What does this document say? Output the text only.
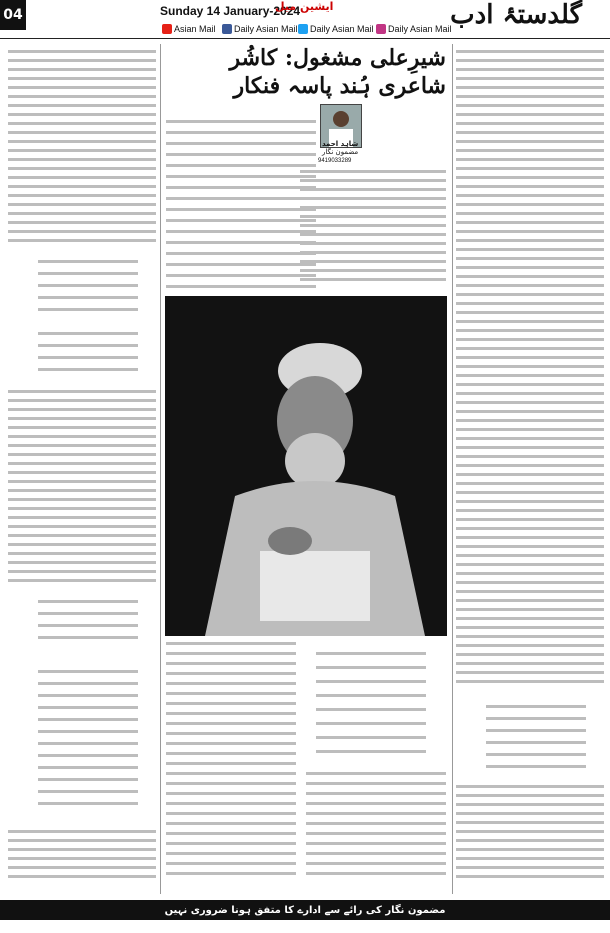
04	Sunday 14 January-2024
ایشین میل	گلدستۂ ادب
Asian Mail Daily Asian Mail Daily Asian Mail Daily Asian Mail
شیرِعلی مشغول: کاشُر شاعری ہُند پاسہ فنکار
مضمون نگار
شاہد احمد
9419033289
مضمون نگار کی رائے سے ادارے کا متفق ہونا ضروری نہیں
